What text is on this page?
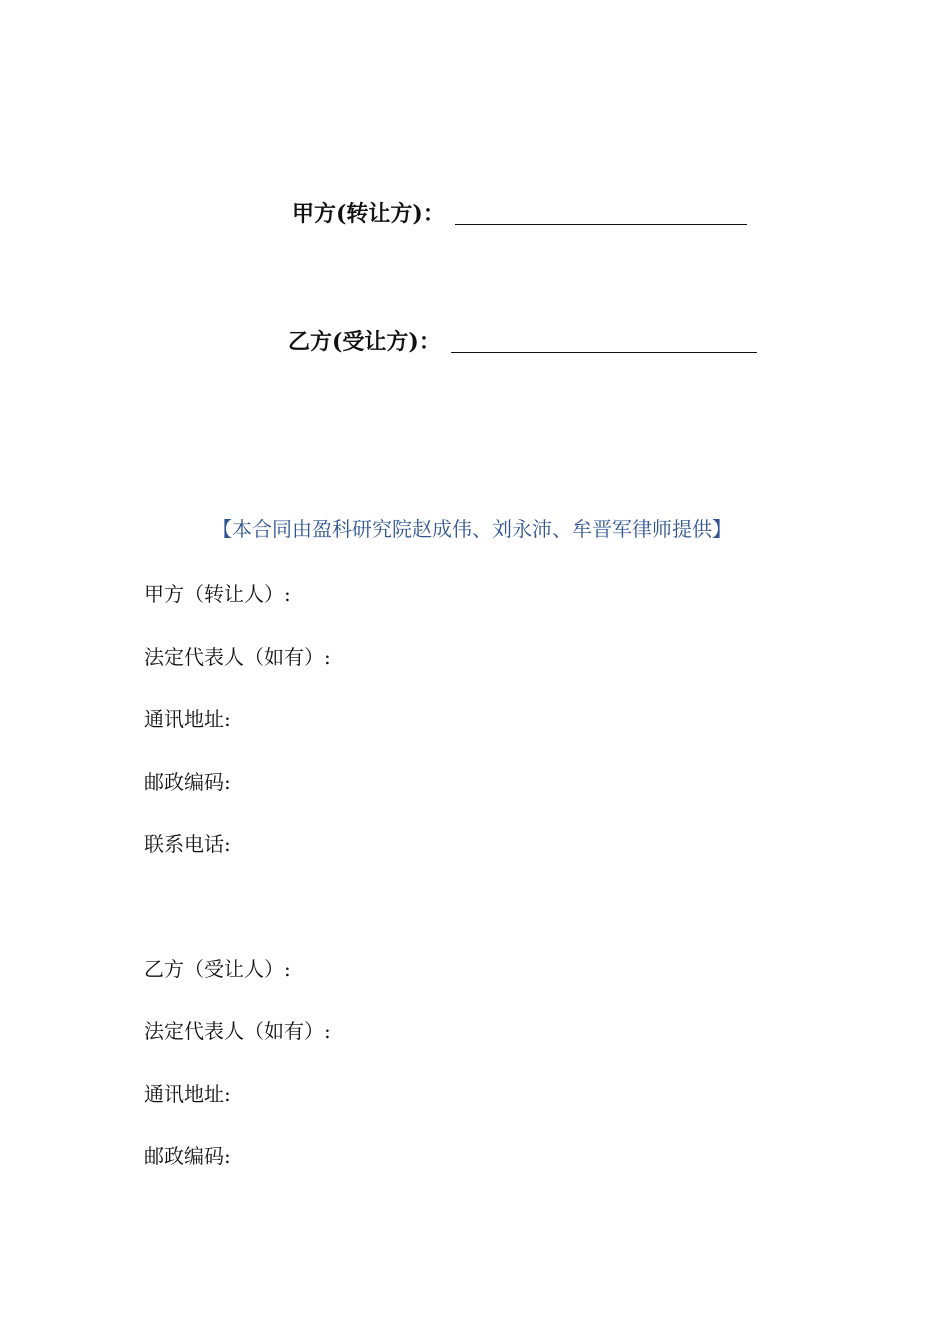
甲方(转让方)：
乙方(受让方)：
【本合同由盈科研究院赵成伟、刘永沛、牟晋军律师提供】
甲方（转让人）:
法定代表人（如有）:
通讯地址:
邮政编码:
联系电话:
乙方（受让人）:
法定代表人（如有）:
通讯地址:
邮政编码:
